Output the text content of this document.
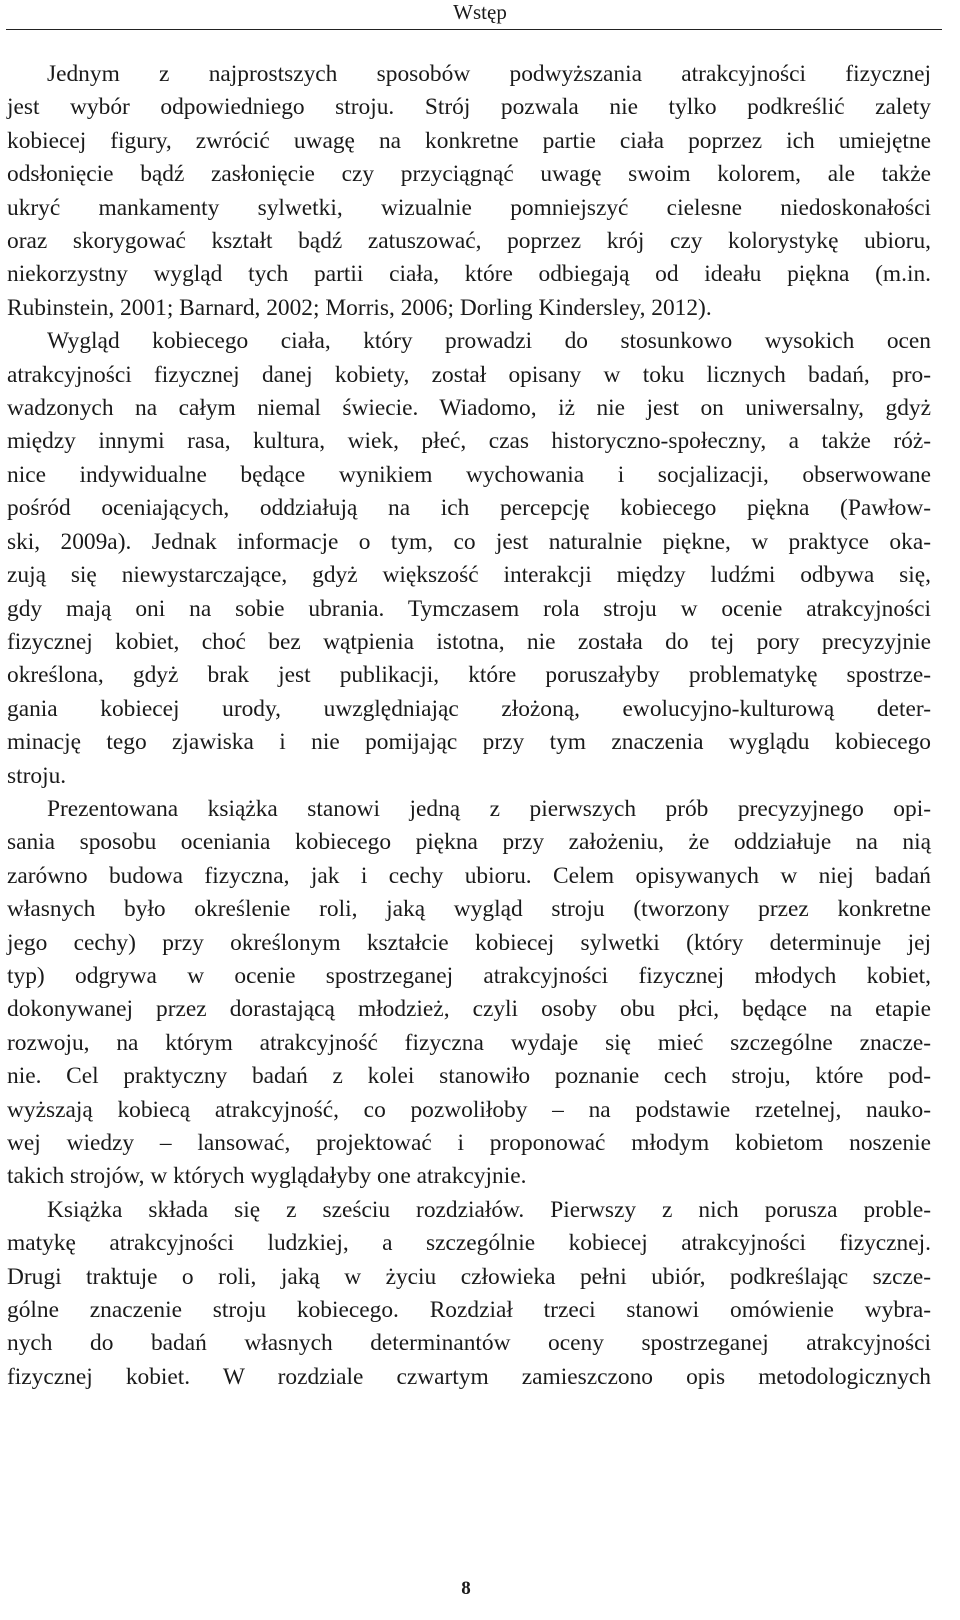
Wstęp

Jednym z najprostszych sposobów podwyższania atrakcyjności fizycznej
jest wybór odpowiedniego stroju. Strój pozwala nie tylko podkreślić zalety
kobiecej figury, zwrócić uwagę na konkretne partie ciała poprzez ich umiejętne
odsłonięcie bądź zasłonięcie czy przyciągnąć uwagę swoim kolorem, ale także
ukryć mankamenty sylwetki, wizualnie pomniejszyć cielesne niedoskonałości
oraz skorygować kształt bądź zatuszować, poprzez krój czy kolorystykę ubioru,
niekorzystny wygląd tych partii ciała, które odbiegają od ideału piękna (m.in.
Rubinstein, 2001; Barnard, 2002; Morris, 2006; Dorling Kindersley, 2012).

Wygląd kobiecego ciała, który prowadzi do stosunkowo wysokich ocen
atrakcyjności fizycznej danej kobiety, został opisany w toku licznych badań, pro-
wadzonych na całym niemal świecie. Wiadomo, iż nie jest on uniwersalny, gdyż
między innymi rasa, kultura, wiek, płeć, czas historyczno-społeczny, a także róż-
nice indywidualne będące wynikiem wychowania i socjalizacji, obserwowane
pośród oceniających, oddziałują na ich percepcję kobiecego piękna (Pawłow-
ski, 2009a). Jednak informacje o tym, co jest naturalnie piękne, w praktyce oka-
zują się niewystarczające, gdyż większość interakcji między ludźmi odbywa się,
gdy mają oni na sobie ubrania. Tymczasem rola stroju w ocenie atrakcyjności
fizycznej kobiet, choć bez wątpienia istotna, nie została do tej pory precyzyjnie
określona, gdyż brak jest publikacji, które poruszałyby problematykę spostrze-
gania kobiecej urody, uwzględniając złożoną, ewolucyjno-kulturową deter-
minację tego zjawiska i nie pomijając przy tym znaczenia wyglądu kobiecego
stroju.

Prezentowana książka stanowi jedną z pierwszych prób precyzyjnego opi-
sania sposobu oceniania kobiecego piękna przy założeniu, że oddziałuje na nią
zarówno budowa fizyczna, jak i cechy ubioru. Celem opisywanych w niej badań
własnych było określenie roli, jaką wygląd stroju (tworzony przez konkretne
jego cechy) przy określonym kształcie kobiecej sylwetki (który determinuje jej
typ) odgrywa w ocenie spostrzeganej atrakcyjności fizycznej młodych kobiet,
dokonywanej przez dorastającą młodzież, czyli osoby obu płci, będące na etapie
rozwoju, na którym atrakcyjność fizyczna wydaje się mieć szczególne znacze-
nie. Cel praktyczny badań z kolei stanowiło poznanie cech stroju, które pod-
wyższają kobiecą atrakcyjność, co pozwoliłoby – na podstawie rzetelnej, nauko-
wej wiedzy – lansować, projektować i proponować młodym kobietom noszenie
takich strojów, w których wyglądałyby one atrakcyjnie.

Książka składa się z sześciu rozdziałów. Pierwszy z nich porusza proble-
matykę atrakcyjności ludzkiej, a szczególnie kobiecej atrakcyjności fizycznej.
Drugi traktuje o roli, jaką w życiu człowieka pełni ubiór, podkreślając szcze-
gólne znaczenie stroju kobiecego. Rozdział trzeci stanowi omówienie wybra-
nych do badań własnych determinantów oceny spostrzeganej atrakcyjności
fizycznej kobiet. W rozdziale czwartym zamieszczono opis metodologicznych

8
